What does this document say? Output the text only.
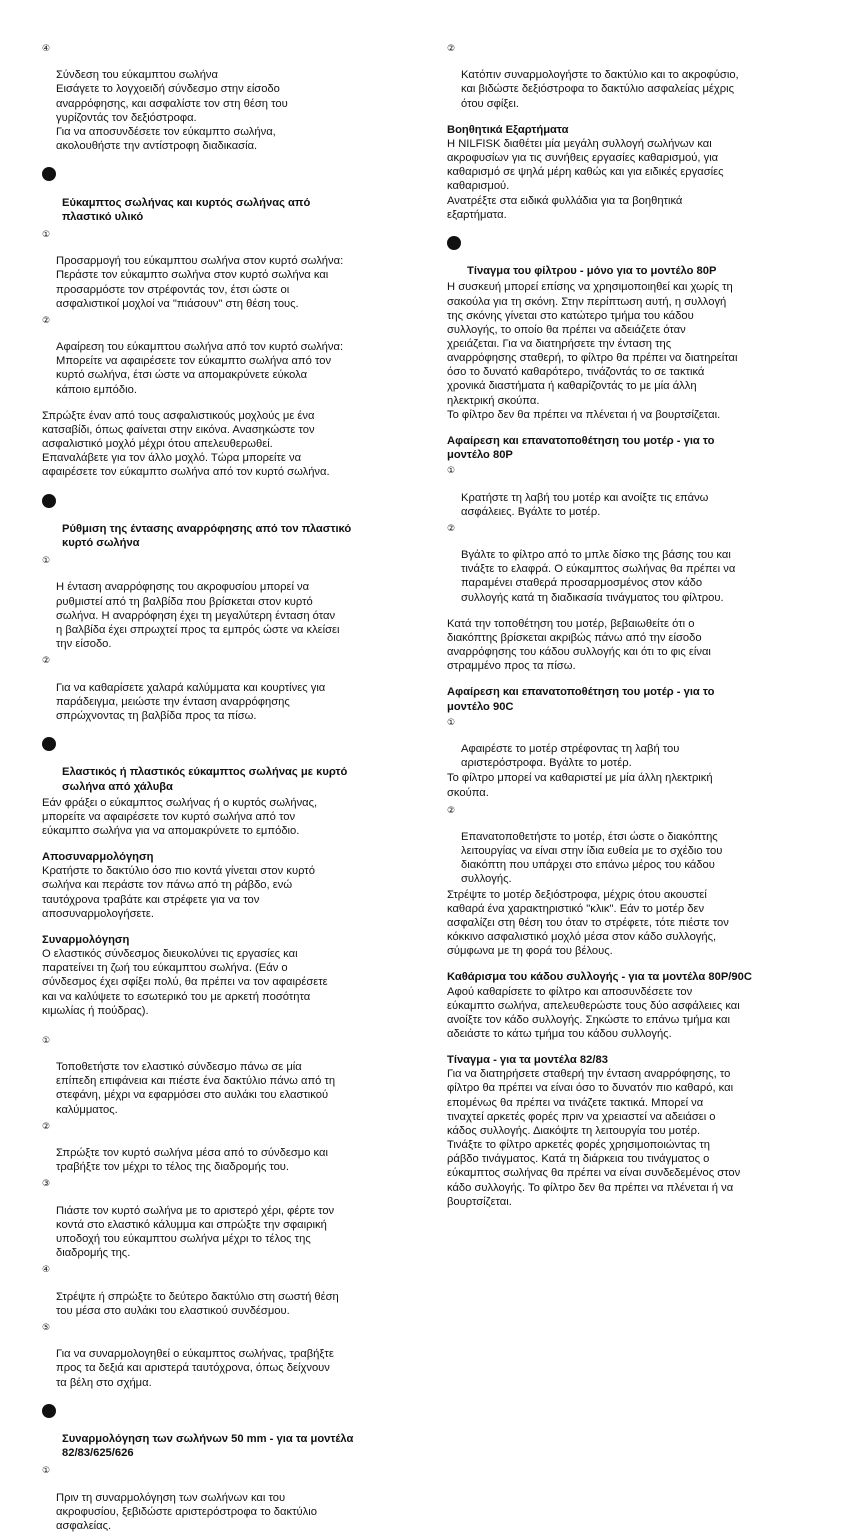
④

Σύνδεση του εύκαμπτου σωλήνα
Εισάγετε το λογχοειδή σύνδεσμο στην είσοδο
αναρρόφησης, και ασφαλίστε τον στη θέση του
γυρίζοντάς τον δεξιόστροφα.
Για να αποσυνδέσετε τον εύκαμπτο σωλήνα,
ακολουθήστε την αντίστροφη διαδικασία.

Εύκαμπτος σωλήνας και κυρτός σωλήνας από
πλαστικό υλικό

①

Προσαρμογή του εύκαμπτου σωλήνα στον κυρτό σωλήνα:
Περάστε τον εύκαμπτο σωλήνα στον κυρτό σωλήνα και
προσαρμόστε τον στρέφοντάς τον, έτσι ώστε οι
ασφαλιστικοί μοχλοί να "πιάσουν" στη θέση τους.

②

Αφαίρεση του εύκαμπτου σωλήνα από τον κυρτό σωλήνα:
Μπορείτε να αφαιρέσετε τον εύκαμπτο σωλήνα από τον
κυρτό σωλήνα, έτσι ώστε να απομακρύνετε εύκολα
κάποιο εμπόδιο.

Σπρώξτε έναν από τους ασφαλιστικούς μοχλούς με ένα
κατσαβίδι, όπως φαίνεται στην εικόνα. Ανασηκώστε τον
ασφαλιστικό μοχλό μέχρι ότου απελευθερωθεί.
Επαναλάβετε για τον άλλο μοχλό. Τώρα μπορείτε να
αφαιρέσετε τον εύκαμπτο σωλήνα από τον κυρτό σωλήνα.

Ρύθμιση της έντασης αναρρόφησης από τον πλαστικό
κυρτό σωλήνα

①

Η ένταση αναρρόφησης του ακροφυσίου μπορεί να
ρυθμιστεί από τη βαλβίδα που βρίσκεται στον κυρτό
σωλήνα. Η αναρρόφηση έχει τη μεγαλύτερη ένταση όταν
η βαλβίδα έχει σπρωχτεί προς τα εμπρός ώστε να κλείσει
την είσοδο.

②

Για να καθαρίσετε χαλαρά καλύμματα και κουρτίνες για
παράδειγμα, μειώστε την ένταση αναρρόφησης
σπρώχνοντας τη βαλβίδα προς τα πίσω.

Ελαστικός ή πλαστικός εύκαμπτος σωλήνας με κυρτό
σωλήνα από χάλυβα

Εάν φράξει ο εύκαμπτος σωλήνας ή ο κυρτός σωλήνας,
μπορείτε να αφαιρέσετε τον κυρτό σωλήνα από τον
εύκαμπτο σωλήνα για να απομακρύνετε το εμπόδιο.
Αποσυναρμολόγηση
Κρατήστε το δακτύλιο όσο πιο κοντά γίνεται στον κυρτό
σωλήνα και περάστε τον πάνω από τη ράβδο, ενώ
ταυτόχρονα τραβάτε και στρέφετε για να τον
αποσυναρμολογήσετε.
Συναρμολόγηση
Ο ελαστικός σύνδεσμος διευκολύνει τις εργασίες και
παρατείνει τη ζωή του εύκαμπτου σωλήνα. (Εάν ο
σύνδεσμος έχει σφίξει πολύ, θα πρέπει να τον αφαιρέσετε
και να καλύψετε το εσωτερικό του με αρκετή ποσότητα
κιμωλίας ή πούδρας).

①

Τοποθετήστε τον ελαστικό σύνδεσμο πάνω σε μία
επίπεδη επιφάνεια και πιέστε ένα δακτύλιο πάνω από τη
στεφάνη, μέχρι να εφαρμόσει στο αυλάκι του ελαστικού
καλύμματος.

②

Σπρώξτε τον κυρτό σωλήνα μέσα από το σύνδεσμο και
τραβήξτε τον μέχρι το τέλος της διαδρομής του.

③

Πιάστε τον κυρτό σωλήνα με το αριστερό χέρι, φέρτε τον
κοντά στο ελαστικό κάλυμμα και σπρώξτε την σφαιρική
υποδοχή του εύκαμπτου σωλήνα μέχρι το τέλος της
διαδρομής της.

④

Στρέψτε ή σπρώξτε το δεύτερο δακτύλιο στη σωστή θέση
του μέσα στο αυλάκι του ελαστικού συνδέσμου.

⑤

Για να συναρμολογηθεί ο εύκαμπτος σωλήνας, τραβήξτε
προς τα δεξιά και αριστερά ταυτόχρονα, όπως δείχνουν
τα βέλη στο σχήμα.

Συναρμολόγηση των σωλήνων 50 mm - για τα μοντέλα
82/83/625/626

①

Πριν τη συναρμολόγηση των σωλήνων και του
ακροφυσίου, ξεβιδώστε αριστερόστροφα το δακτύλιο
ασφαλείας.

②

Κατόπιν συναρμολογήστε το δακτύλιο και το ακροφύσιο,
και βιδώστε δεξιόστροφα το δακτύλιο ασφαλείας μέχρις
ότου σφίξει.

Βοηθητικά Εξαρτήματα
Η NILFISK διαθέτει μία μεγάλη συλλογή σωλήνων και
ακροφυσίων για τις συνήθεις εργασίες καθαρισμού, για
καθαρισμό σε ψηλά μέρη καθώς και για ειδικές εργασίες
καθαρισμού.
Ανατρέξτε στα ειδικά φυλλάδια για τα βοηθητικά
εξαρτήματα.

Τίναγμα του φίλτρου - μόνο για το μοντέλο 80P

Η συσκευή μπορεί επίσης να χρησιμοποιηθεί και χωρίς τη
σακούλα για τη σκόνη. Στην περίπτωση αυτή, η συλλογή
της σκόνης γίνεται στο κατώτερο τμήμα του κάδου
συλλογής, το οποίο θα πρέπει να αδειάζετε όταν
χρειάζεται. Για να διατηρήσετε την ένταση της
αναρρόφησης σταθερή, το φίλτρο θα πρέπει να διατηρείται
όσο το δυνατό καθαρότερο, τινάζοντάς το σε τακτικά
χρονικά διαστήματα ή καθαρίζοντάς το με μία άλλη
ηλεκτρική σκούπα.
Το φίλτρο δεν θα πρέπει να πλένεται ή να βουρτσίζεται.
Αφαίρεση και επανατοποθέτηση του μοτέρ - για το
μοντέλο 80P

①

Κρατήστε τη λαβή του μοτέρ και ανοίξτε τις επάνω
ασφάλειες. Βγάλτε το μοτέρ.

②

Βγάλτε το φίλτρο από το μπλε δίσκο της βάσης του και
τινάξτε το ελαφρά. Ο εύκαμπτος σωλήνας θα πρέπει να
παραμένει σταθερά προσαρμοσμένος στον κάδο
συλλογής κατά τη διαδικασία τινάγματος του φίλτρου.

Κατά την τοποθέτηση του μοτέρ, βεβαιωθείτε ότι ο
διακόπτης βρίσκεται ακριβώς πάνω από την είσοδο
αναρρόφησης του κάδου συλλογής και ότι το φις είναι
στραμμένο προς τα πίσω.
Αφαίρεση και επανατοποθέτηση του μοτέρ - για το
μοντέλο 90C

①

Αφαιρέστε το μοτέρ στρέφοντας τη λαβή του
αριστερόστροφα. Βγάλτε το μοτέρ.

Το φίλτρο μπορεί να καθαριστεί με μία άλλη ηλεκτρική
σκούπα.

②

Επανατοποθετήστε το μοτέρ, έτσι ώστε ο διακόπτης
λειτουργίας να είναι στην ίδια ευθεία με το σχέδιο του
διακόπτη που υπάρχει στο επάνω μέρος του κάδου
συλλογής.

Στρέψτε το μοτέρ δεξιόστροφα, μέχρις ότου ακουστεί
καθαρά ένα χαρακτηριστικό "κλικ". Εάν το μοτέρ δεν
ασφαλίζει στη θέση του όταν το στρέφετε, τότε πιέστε τον
κόκκινο ασφαλιστικό μοχλό μέσα στον κάδο συλλογής,
σύμφωνα με τη φορά του βέλους.
Καθάρισμα του κάδου συλλογής - για τα μοντέλα 80P/90C
Αφού καθαρίσετε το φίλτρο και αποσυνδέσετε τον
εύκαμπτο σωλήνα, απελευθερώστε τους δύο ασφάλειες και
ανοίξτε τον κάδο συλλογής. Σηκώστε το επάνω τμήμα και
αδειάστε το κάτω τμήμα του κάδου συλλογής.
Τίναγμα - για τα μοντέλα 82/83
Για να διατηρήσετε σταθερή την ένταση αναρρόφησης, το
φίλτρο θα πρέπει να είναι όσο το δυνατόν πιο καθαρό, και
επομένως θα πρέπει να τινάζετε τακτικά. Μπορεί να
τιναχτεί αρκετές φορές πριν να χρειαστεί να αδειάσει ο
κάδος συλλογής. Διακόψτε τη λειτουργία του μοτέρ.
Τινάξτε το φίλτρο αρκετές φορές χρησιμοποιώντας τη
ράβδο τινάγματος. Κατά τη διάρκεια του τινάγματος ο
εύκαμπτος σωλήνας θα πρέπει να είναι συνδεδεμένος στον
κάδο συλλογής. Το φίλτρο δεν θα πρέπει να πλένεται ή να
βουρτσίζεται.
